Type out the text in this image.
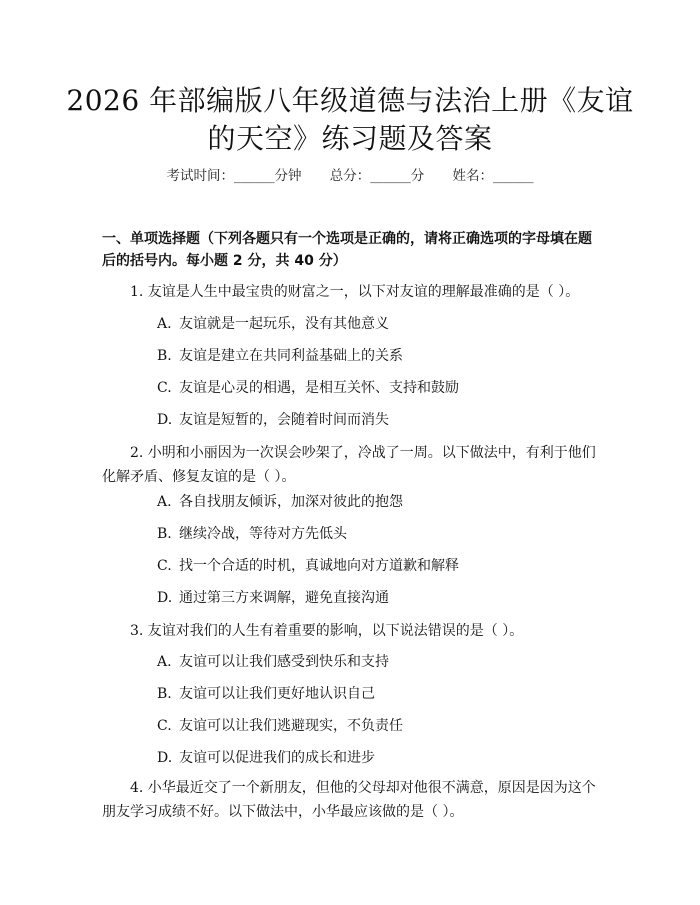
2026 年部编版八年级道德与法治上册《友谊
的天空》练习题及答案
考试时间：______分钟 总分：______分 姓名：______
一、单项选择题（下列各题只有一个选项是正确的，请将正确选项的字母填在题后的括号内。每小题 2 分，共 40 分）
1. 友谊是人生中最宝贵的财富之一，以下对友谊的理解最准确的是（ ）。
A. 友谊就是一起玩乐，没有其他意义
B. 友谊是建立在共同利益基础上的关系
C. 友谊是心灵的相遇，是相互关怀、支持和鼓励
D. 友谊是短暂的，会随着时间而消失
2. 小明和小丽因为一次误会吵架了，冷战了一周。以下做法中，有利于他们化解矛盾、修复友谊的是（ ）。
A. 各自找朋友倾诉，加深对彼此的抱怨
B. 继续冷战，等待对方先低头
C. 找一个合适的时机，真诚地向对方道歉和解释
D. 通过第三方来调解，避免直接沟通
3. 友谊对我们的人生有着重要的影响，以下说法错误的是（ ）。
A. 友谊可以让我们感受到快乐和支持
B. 友谊可以让我们更好地认识自己
C. 友谊可以让我们逃避现实，不负责任
D. 友谊可以促进我们的成长和进步
4. 小华最近交了一个新朋友，但他的父母却对他很不满意，原因是因为这个朋友学习成绩不好。以下做法中，小华最应该做的是（ ）。
